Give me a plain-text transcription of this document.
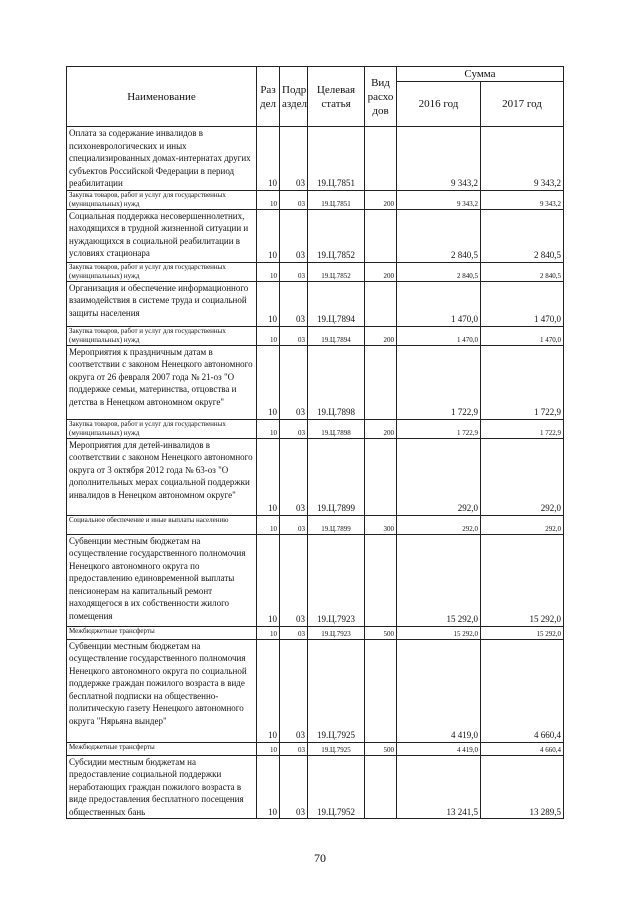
Наименование	Раз дел	Подр аздел	Целевая статья	Вид расхо дов	Сумма	
					2016 год	2017 год
Оплата за содержание инвалидов в психоневрологических и иных специализированных домах-интернатах других субъектов Российской Федерации в период реабилитации	10	03	19.Ц.7851		9 343,2	9 343,2
Закупка товаров, работ и услуг для государственных (муниципальных) нужд	10	03	19.Ц.7851	200	9 343,2	9 343,2
Социальная поддержка несовершеннолетних, находящихся в трудной жизненной ситуации и нуждающихся в социальной реабилитации в условиях стационара	10	03	19.Ц.7852		2 840,5	2 840,5
Закупка товаров, работ и услуг для государственных (муниципальных) нужд	10	03	19.Ц.7852	200	2 840,5	2 840,5
Организация и обеспечение информационного взаимодействия в системе труда и социальной защиты населения	10	03	19.Ц.7894		1 470,0	1 470,0
Закупка товаров, работ и услуг для государственных (муниципальных) нужд	10	03	19.Ц.7894	200	1 470,0	1 470,0
Мероприятия к праздничным датам в соответствии с законом Ненецкого автономного округа от 26 февраля 2007 года № 21-оз "О поддержке семьи, материнства, отцовства и детства в Ненецком автономном округе"	10	03	19.Ц.7898		1 722,9	1 722,9
Закупка товаров, работ и услуг для государственных (муниципальных) нужд	10	03	19.Ц.7898	200	1 722,9	1 722,9
Мероприятия для детей-инвалидов в соответствии с законом Ненецкого автономного округа от 3 октября 2012 года № 63-оз "О дополнительных мерах социальной поддержки инвалидов в Ненецком автономном округе"	10	03	19.Ц.7899		292,0	292,0
Социальное обеспечение и иные выплаты населению	10	03	19.Ц.7899	300	292,0	292,0
Субвенции местным бюджетам на осуществление государственного полномочия Ненецкого автономного округа по предоставлению единовременной выплаты пенсионерам на капитальный ремонт находящегося в их собственности жилого помещения	10	03	19.Ц.7923		15 292,0	15 292,0
Межбюджетные трансферты	10	03	19.Ц.7923	500	15 292,0	15 292,0
Субвенции местным бюджетам на осуществление государственного полномочия Ненецкого автономного округа по социальной поддержке граждан пожилого возраста в виде бесплатной подписки на общественно-политическую газету Ненецкого автономного округа "Нярьяна вындер"	10	03	19.Ц.7925		4 419,0	4 660,4
Межбюджетные трансферты	10	03	19.Ц.7925	500	4 419,0	4 660,4
Субсидии местным бюджетам на предоставление социальной поддержки неработающих граждан пожилого возраста в виде предоставления бесплатного посещения общественных бань	10	03	19.Ц.7952		13 241,5	13 289,5
70
